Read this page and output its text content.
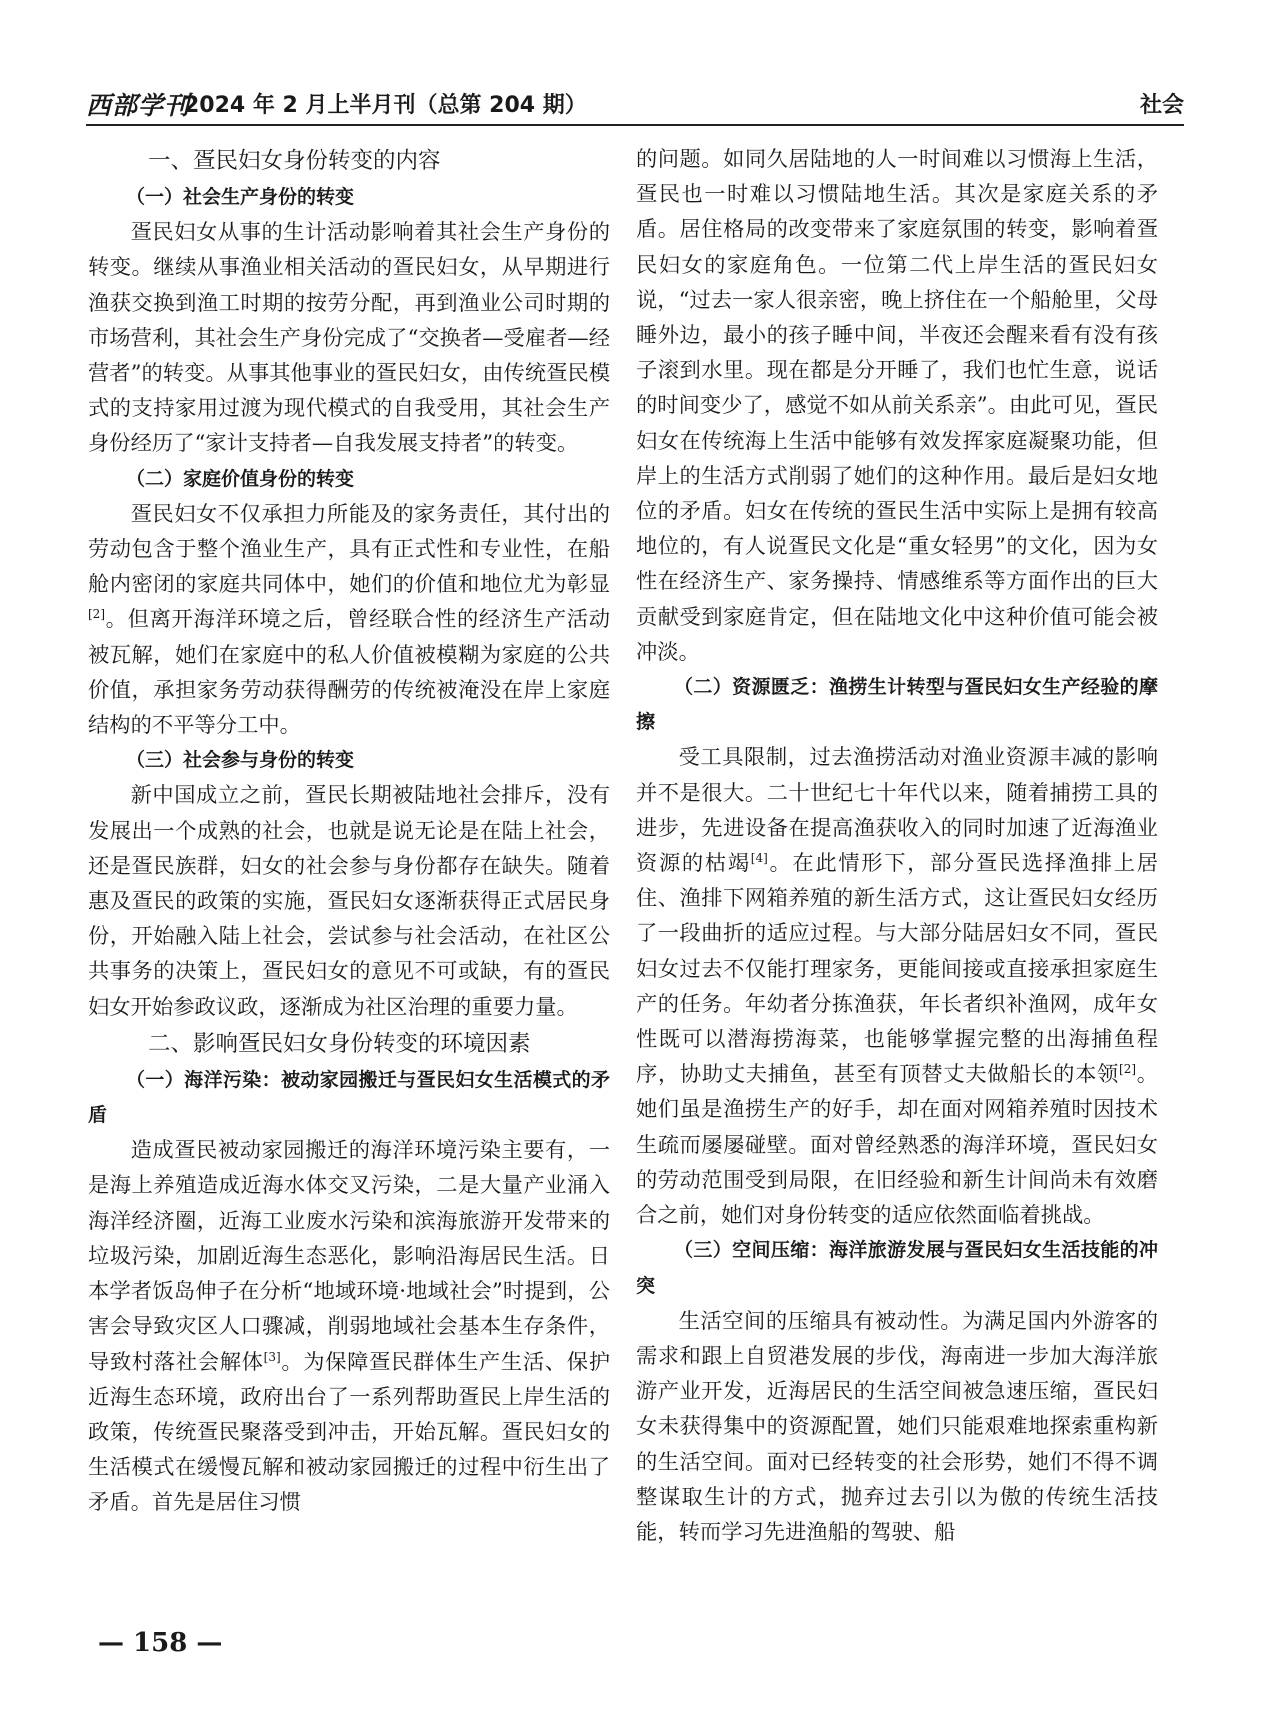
西部学刊
2024 年 2 月上半月刊（总第 204 期）	社会
一、疍民妇女身份转变的内容
（一）社会生产身份的转变

疍民妇女从事的生计活动影响着其社会生产身份的转变。继续从事渔业相关活动的疍民妇女，从早期进行渔获交换到渔工时期的按劳分配，再到渔业公司时期的市场营利，其社会生产身份完成了“交换者—受雇者—经营者”的转变。从事其他事业的疍民妇女，由传统疍民模式的支持家用过渡为现代模式的自我受用，其社会生产身份经历了“家计支持者—自我发展支持者”的转变。

（二）家庭价值身份的转变

疍民妇女不仅承担力所能及的家务责任，其付出的劳动包含于整个渔业生产，具有正式性和专业性，在船舱内密闭的家庭共同体中，她们的价值和地位尤为彰显[2]。但离开海洋环境之后，曾经联合性的经济生产活动被瓦解，她们在家庭中的私人价值被模糊为家庭的公共价值，承担家务劳动获得酬劳的传统被淹没在岸上家庭结构的不平等分工中。

（三）社会参与身份的转变

新中国成立之前，疍民长期被陆地社会排斥，没有发展出一个成熟的社会，也就是说无论是在陆上社会，还是疍民族群，妇女的社会参与身份都存在缺失。随着惠及疍民的政策的实施，疍民妇女逐渐获得正式居民身份，开始融入陆上社会，尝试参与社会活动，在社区公共事务的决策上，疍民妇女的意见不可或缺，有的疍民妇女开始参政议政，逐渐成为社区治理的重要力量。

二、影响疍民妇女身份转变的环境因素
（一）海洋污染：被动家园搬迁与疍民妇女生活模式的矛盾

造成疍民被动家园搬迁的海洋环境污染主要有，一是海上养殖造成近海水体交叉污染，二是大量产业涌入海洋经济圈，近海工业废水污染和滨海旅游开发带来的垃圾污染，加剧近海生态恶化，影响沿海居民生活。日本学者饭岛伸子在分析“地域环境·地域社会”时提到，公害会导致灾区人口骤减，削弱地域社会基本生存条件，导致村落社会解体[3]。为保障疍民群体生产生活、保护近海生态环境，政府出台了一系列帮助疍民上岸生活的政策，传统疍民聚落受到冲击，开始瓦解。疍民妇女的生活模式在缓慢瓦解和被动家园搬迁的过程中衍生出了矛盾。首先是居住习惯

的问题。如同久居陆地的人一时间难以习惯海上生活，疍民也一时难以习惯陆地生活。其次是家庭关系的矛盾。居住格局的改变带来了家庭氛围的转变，影响着疍民妇女的家庭角色。一位第二代上岸生活的疍民妇女说，“过去一家人很亲密，晚上挤住在一个船舱里，父母睡外边，最小的孩子睡中间，半夜还会醒来看有没有孩子滚到水里。现在都是分开睡了，我们也忙生意，说话的时间变少了，感觉不如从前关系亲”。由此可见，疍民妇女在传统海上生活中能够有效发挥家庭凝聚功能，但岸上的生活方式削弱了她们的这种作用。最后是妇女地位的矛盾。妇女在传统的疍民生活中实际上是拥有较高地位的，有人说疍民文化是“重女轻男”的文化，因为女性在经济生产、家务操持、情感维系等方面作出的巨大贡献受到家庭肯定，但在陆地文化中这种价值可能会被冲淡。

（二）资源匮乏：渔捞生计转型与疍民妇女生产经验的摩擦

受工具限制，过去渔捞活动对渔业资源丰减的影响并不是很大。二十世纪七十年代以来，随着捕捞工具的进步，先进设备在提高渔获收入的同时加速了近海渔业资源的枯竭[4]。在此情形下，部分疍民选择渔排上居住、渔排下网箱养殖的新生活方式，这让疍民妇女经历了一段曲折的适应过程。与大部分陆居妇女不同，疍民妇女过去不仅能打理家务，更能间接或直接承担家庭生产的任务。年幼者分拣渔获，年长者织补渔网，成年女性既可以潜海捞海菜，也能够掌握完整的出海捕鱼程序，协助丈夫捕鱼，甚至有顶替丈夫做船长的本领[2]。她们虽是渔捞生产的好手，却在面对网箱养殖时因技术生疏而屡屡碰壁。面对曾经熟悉的海洋环境，疍民妇女的劳动范围受到局限，在旧经验和新生计间尚未有效磨合之前，她们对身份转变的适应依然面临着挑战。

（三）空间压缩：海洋旅游发展与疍民妇女生活技能的冲突

生活空间的压缩具有被动性。为满足国内外游客的需求和跟上自贸港发展的步伐，海南进一步加大海洋旅游产业开发，近海居民的生活空间被急速压缩，疍民妇女未获得集中的资源配置，她们只能艰难地探索重构新的生活空间。面对已经转变的社会形势，她们不得不调整谋取生计的方式，抛弃过去引以为傲的传统生活技能，转而学习先进渔船的驾驶、船

— 158 —
